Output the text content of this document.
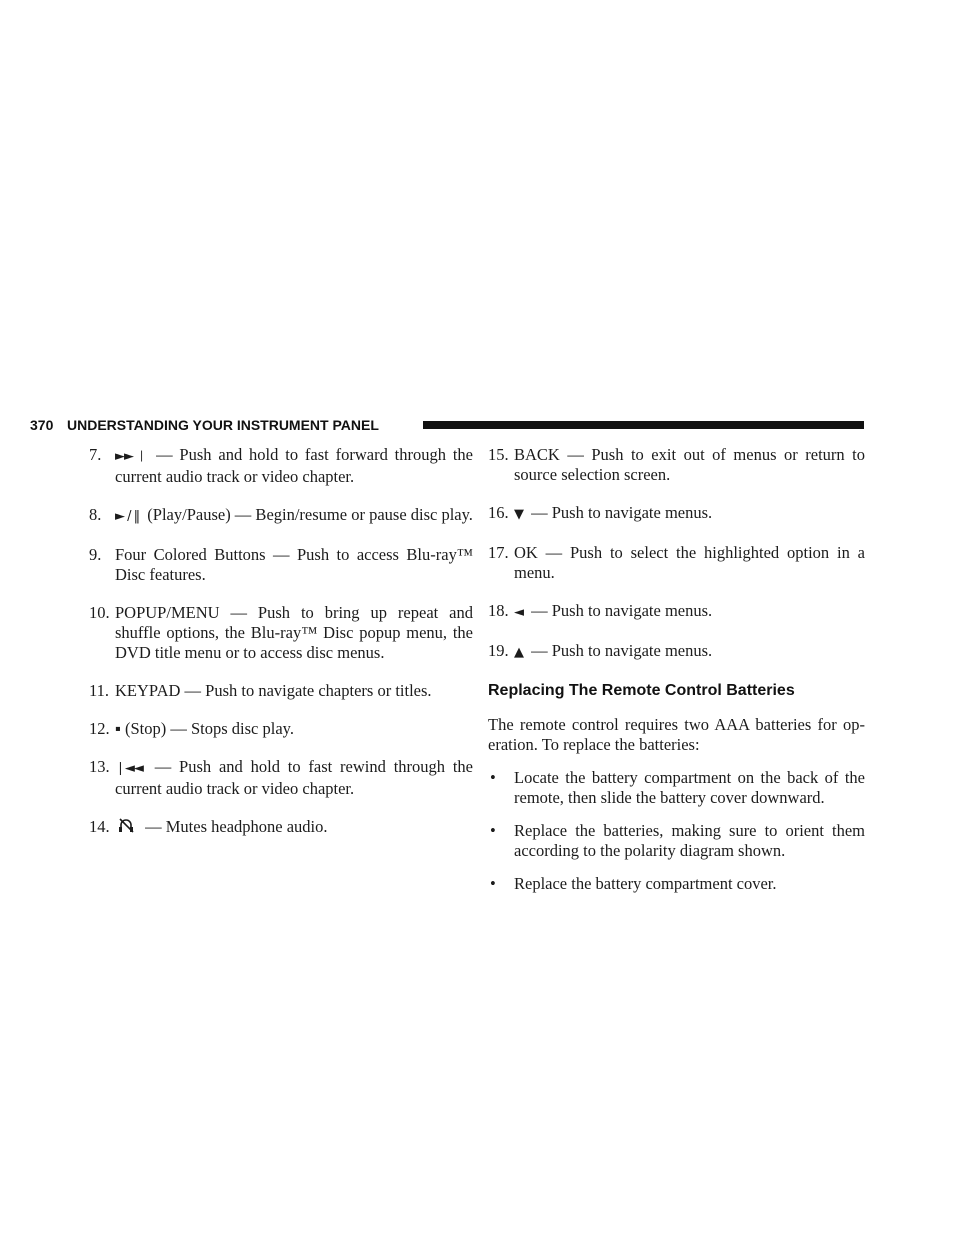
370 UNDERSTANDING YOUR INSTRUMENT PANEL
7. ►► ❘ — Push and hold to fast forward through the current audio track or video chapter.
8. ► / ‖ (Play/Pause) — Begin/resume or pause disc play.
9. Four Colored Buttons — Push to access Blu-ray™ Disc features.
10. POPUP/MENU — Push to bring up repeat and shuffle options, the Blu-ray™ Disc popup menu, the DVD title menu or to access disc menus.
11. KEYPAD — Push to navigate chapters or titles.
12. ▪ (Stop) — Stops disc play.
13. ❘◄◄ — Push and hold to fast rewind through the current audio track or video chapter.
14. — Mutes headphone audio.
15. BACK — Push to exit out of menus or return to source selection screen.
16. ▼ — Push to navigate menus.
17. OK — Push to select the highlighted option in a menu.
18. ◄ — Push to navigate menus.
19. ▲ — Push to navigate menus.
Replacing The Remote Control Batteries
The remote control requires two AAA batteries for op-eration. To replace the batteries:
• Locate the battery compartment on the back of the remote, then slide the battery cover downward.
• Replace the batteries, making sure to orient them according to the polarity diagram shown.
• Replace the battery compartment cover.
